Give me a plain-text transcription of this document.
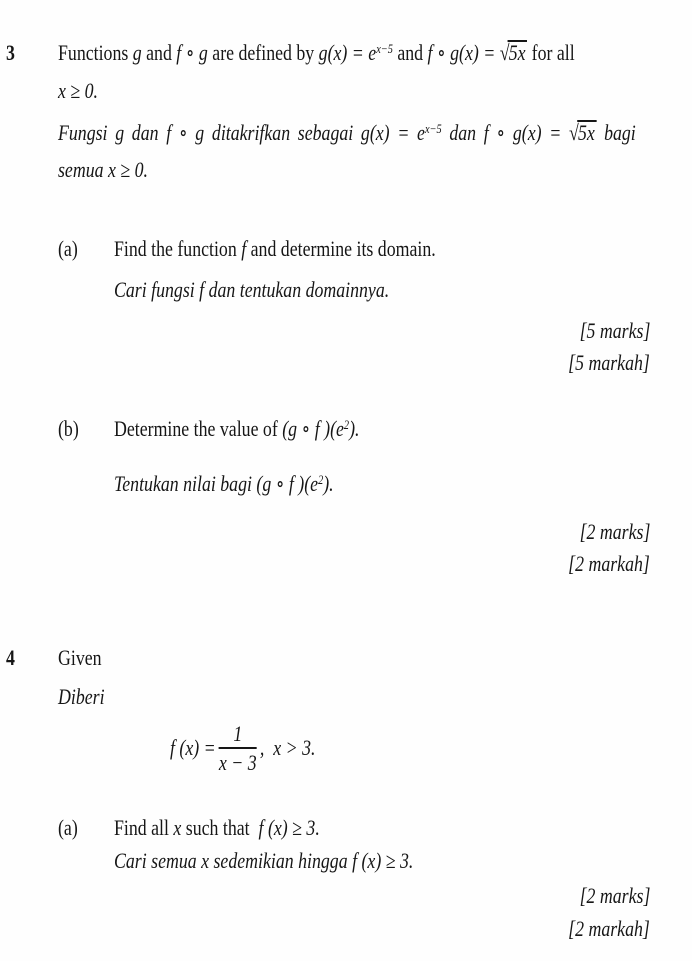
3 Functions g and f ∘ g are defined by $g(x) = e^{x-5}$ and f ∘ g(x) = √5x for all
x ≥ 0.
Fungsi g dan f ∘ g ditakrifkan sebagai $g(x) = e^{x-5}$ dan f ∘ g(x) = √5x bagi
semua x ≥ 0.
(a) Find the function f and determine its domain.
Cari fungsi f dan tentukan domainnya.
[5 marks]
[5 markah]
(b) Determine the value of (g ∘ f )$(e^2)$.
Tentukan nilai bagi (g ∘ f )$(e^2)$.
[2 marks]
[2 markah]
4 Given
Diberi
f $(x) = \frac{1}{x - 3}$ ,  x > 3.
(a) Find all x such that  f (x) ≥ 3.
Cari semua x sedemikian hingga f (x) ≥ 3.
[2 marks]
[2 markah]
